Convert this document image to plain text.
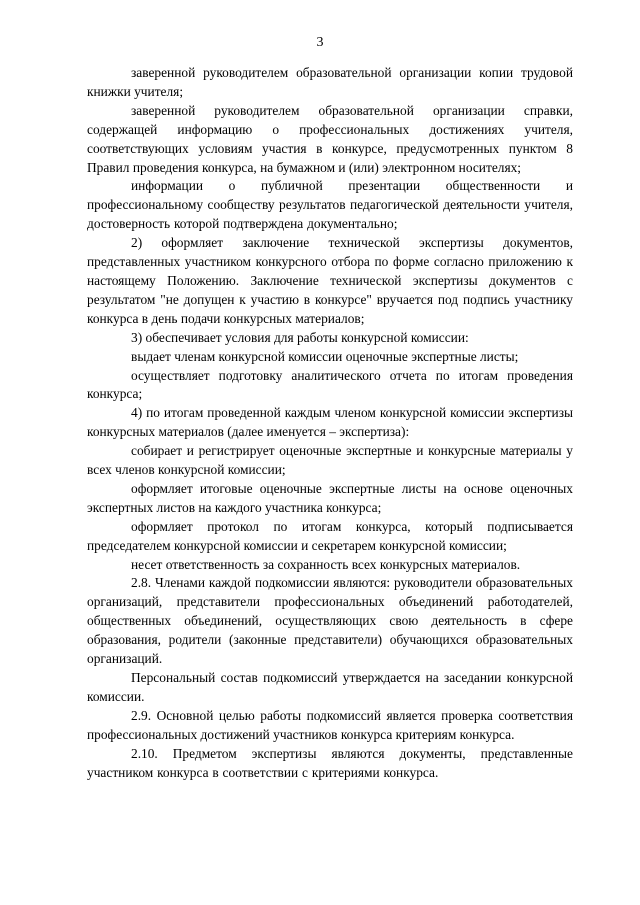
3

заверенной руководителем образовательной организации копии трудовой книжки учителя;

заверенной руководителем образовательной организации справки, содержащей информацию о профессиональных достижениях учителя, соответствующих условиям участия в конкурсе, предусмотренных пунктом 8 Правил проведения конкурса, на бумажном и (или) электронном носителях;

информации о публичной презентации общественности и профессиональному сообществу результатов педагогической деятельности учителя, достоверность которой подтверждена документально;

2) оформляет заключение технической экспертизы документов, представленных участником конкурсного отбора по форме согласно приложению к настоящему Положению. Заключение технической экспертизы документов с результатом "не допущен к участию в конкурсе" вручается под подпись участнику конкурса в день подачи конкурсных материалов;

3) обеспечивает условия для работы конкурсной комиссии:

выдает членам конкурсной комиссии оценочные экспертные листы;

осуществляет подготовку аналитического отчета по итогам проведения конкурса;

4) по итогам проведенной каждым членом конкурсной комиссии экспертизы конкурсных материалов (далее именуется – экспертиза):

собирает и регистрирует оценочные экспертные и конкурсные материалы у всех членов конкурсной комиссии;

оформляет итоговые оценочные экспертные листы на основе оценочных экспертных листов на каждого участника конкурса;

оформляет протокол по итогам конкурса, который подписывается председателем конкурсной комиссии и секретарем конкурсной комиссии;

несет ответственность за сохранность всех конкурсных материалов.

2.8. Членами каждой подкомиссии являются: руководители образовательных организаций, представители профессиональных объединений работодателей, общественных объединений, осуществляющих свою деятельность в сфере образования, родители (законные представители) обучающихся образовательных организаций.

Персональный состав подкомиссий утверждается на заседании конкурсной комиссии.

2.9. Основной целью работы подкомиссий является проверка соответствия профессиональных достижений участников конкурса критериям конкурса.

2.10. Предметом экспертизы являются документы, представленные участником конкурса в соответствии с критериями конкурса.
